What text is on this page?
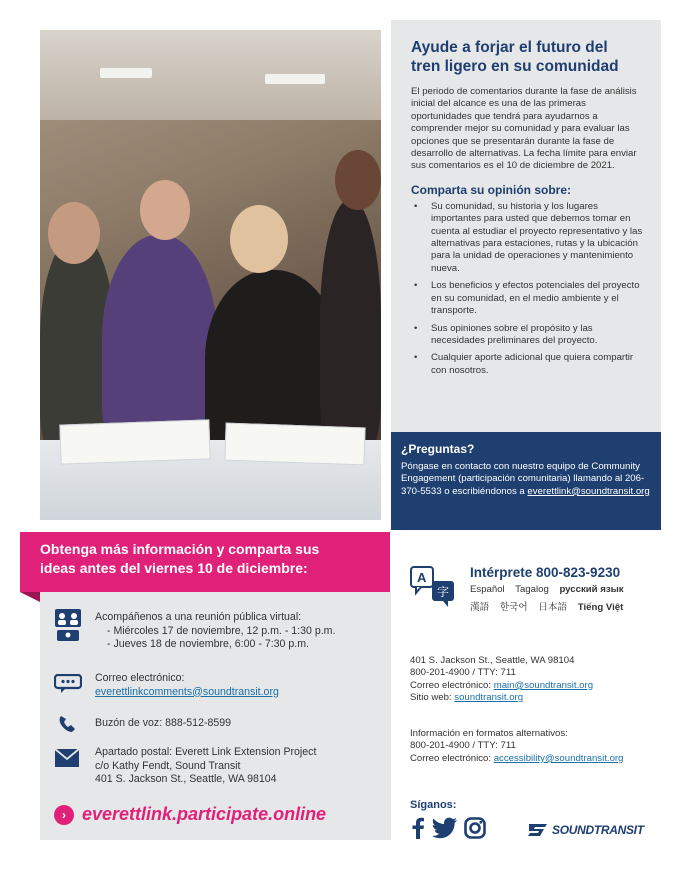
Ayude a forjar el futuro del
tren ligero en su comunidad

El periodo de comentarios durante la fase de análisis inicial del alcance es una de las primeras oportunidades que tendrá para ayudarnos a comprender mejor su comunidad y para evaluar las opciones que se presentarán durante la fase de desarrollo de alternativas. La fecha límite para enviar sus comentarios es el 10 de diciembre de 2021.

Comparta su opinión sobre:
• Su comunidad, su historia y los lugares importantes para usted que debemos tomar en cuenta al estudiar el proyecto representativo y las alternativas para estaciones, rutas y la ubicación para la unidad de operaciones y mantenimiento nueva.
• Los beneficios y efectos potenciales del proyecto en su comunidad, en el medio ambiente y el transporte.
• Sus opiniones sobre el propósito y las necesidades preliminares del proyecto.
• Cualquier aporte adicional que quiera compartir con nosotros.
¿Preguntas?

Póngase en contacto con nuestro equipo de Community Engagement (participación comunitaria) llamando al 206-370-5533 o escribiéndonos a everettlink@soundtransit.org

Obtenga más información y comparta sus
ideas antes del viernes 10 de diciembre:
Acompáñenos a una reunión pública virtual:
- Miércoles 17 de noviembre, 12 p.m. - 1:30 p.m.
- Jueves 18 de noviembre, 6:00 - 7:30 p.m.
Correo electrónico:
everettlinkcomments@soundtransit.org
Buzón de voz: 888-512-8599
Apartado postal: Everett Link Extension Project
c/o Kathy Fendt, Sound Transit
401 S. Jackson St., Seattle, WA 98104
› everettlink.participate.online
A
字
Intérprete 800-823-9230
Español Tagalog русский язык
漢語 한국어 日本語 Tiếng Việt
401 S. Jackson St., Seattle, WA 98104
800-201-4900 / TTY: 711
Correo electrónico: main@soundtransit.org
Sitio web: soundtransit.org
Información en formatos alternativos:
800-201-4900 / TTY: 711
Correo electrónico: accessibility@soundtransit.org
Síganos:
SOUNDTRANSIT
